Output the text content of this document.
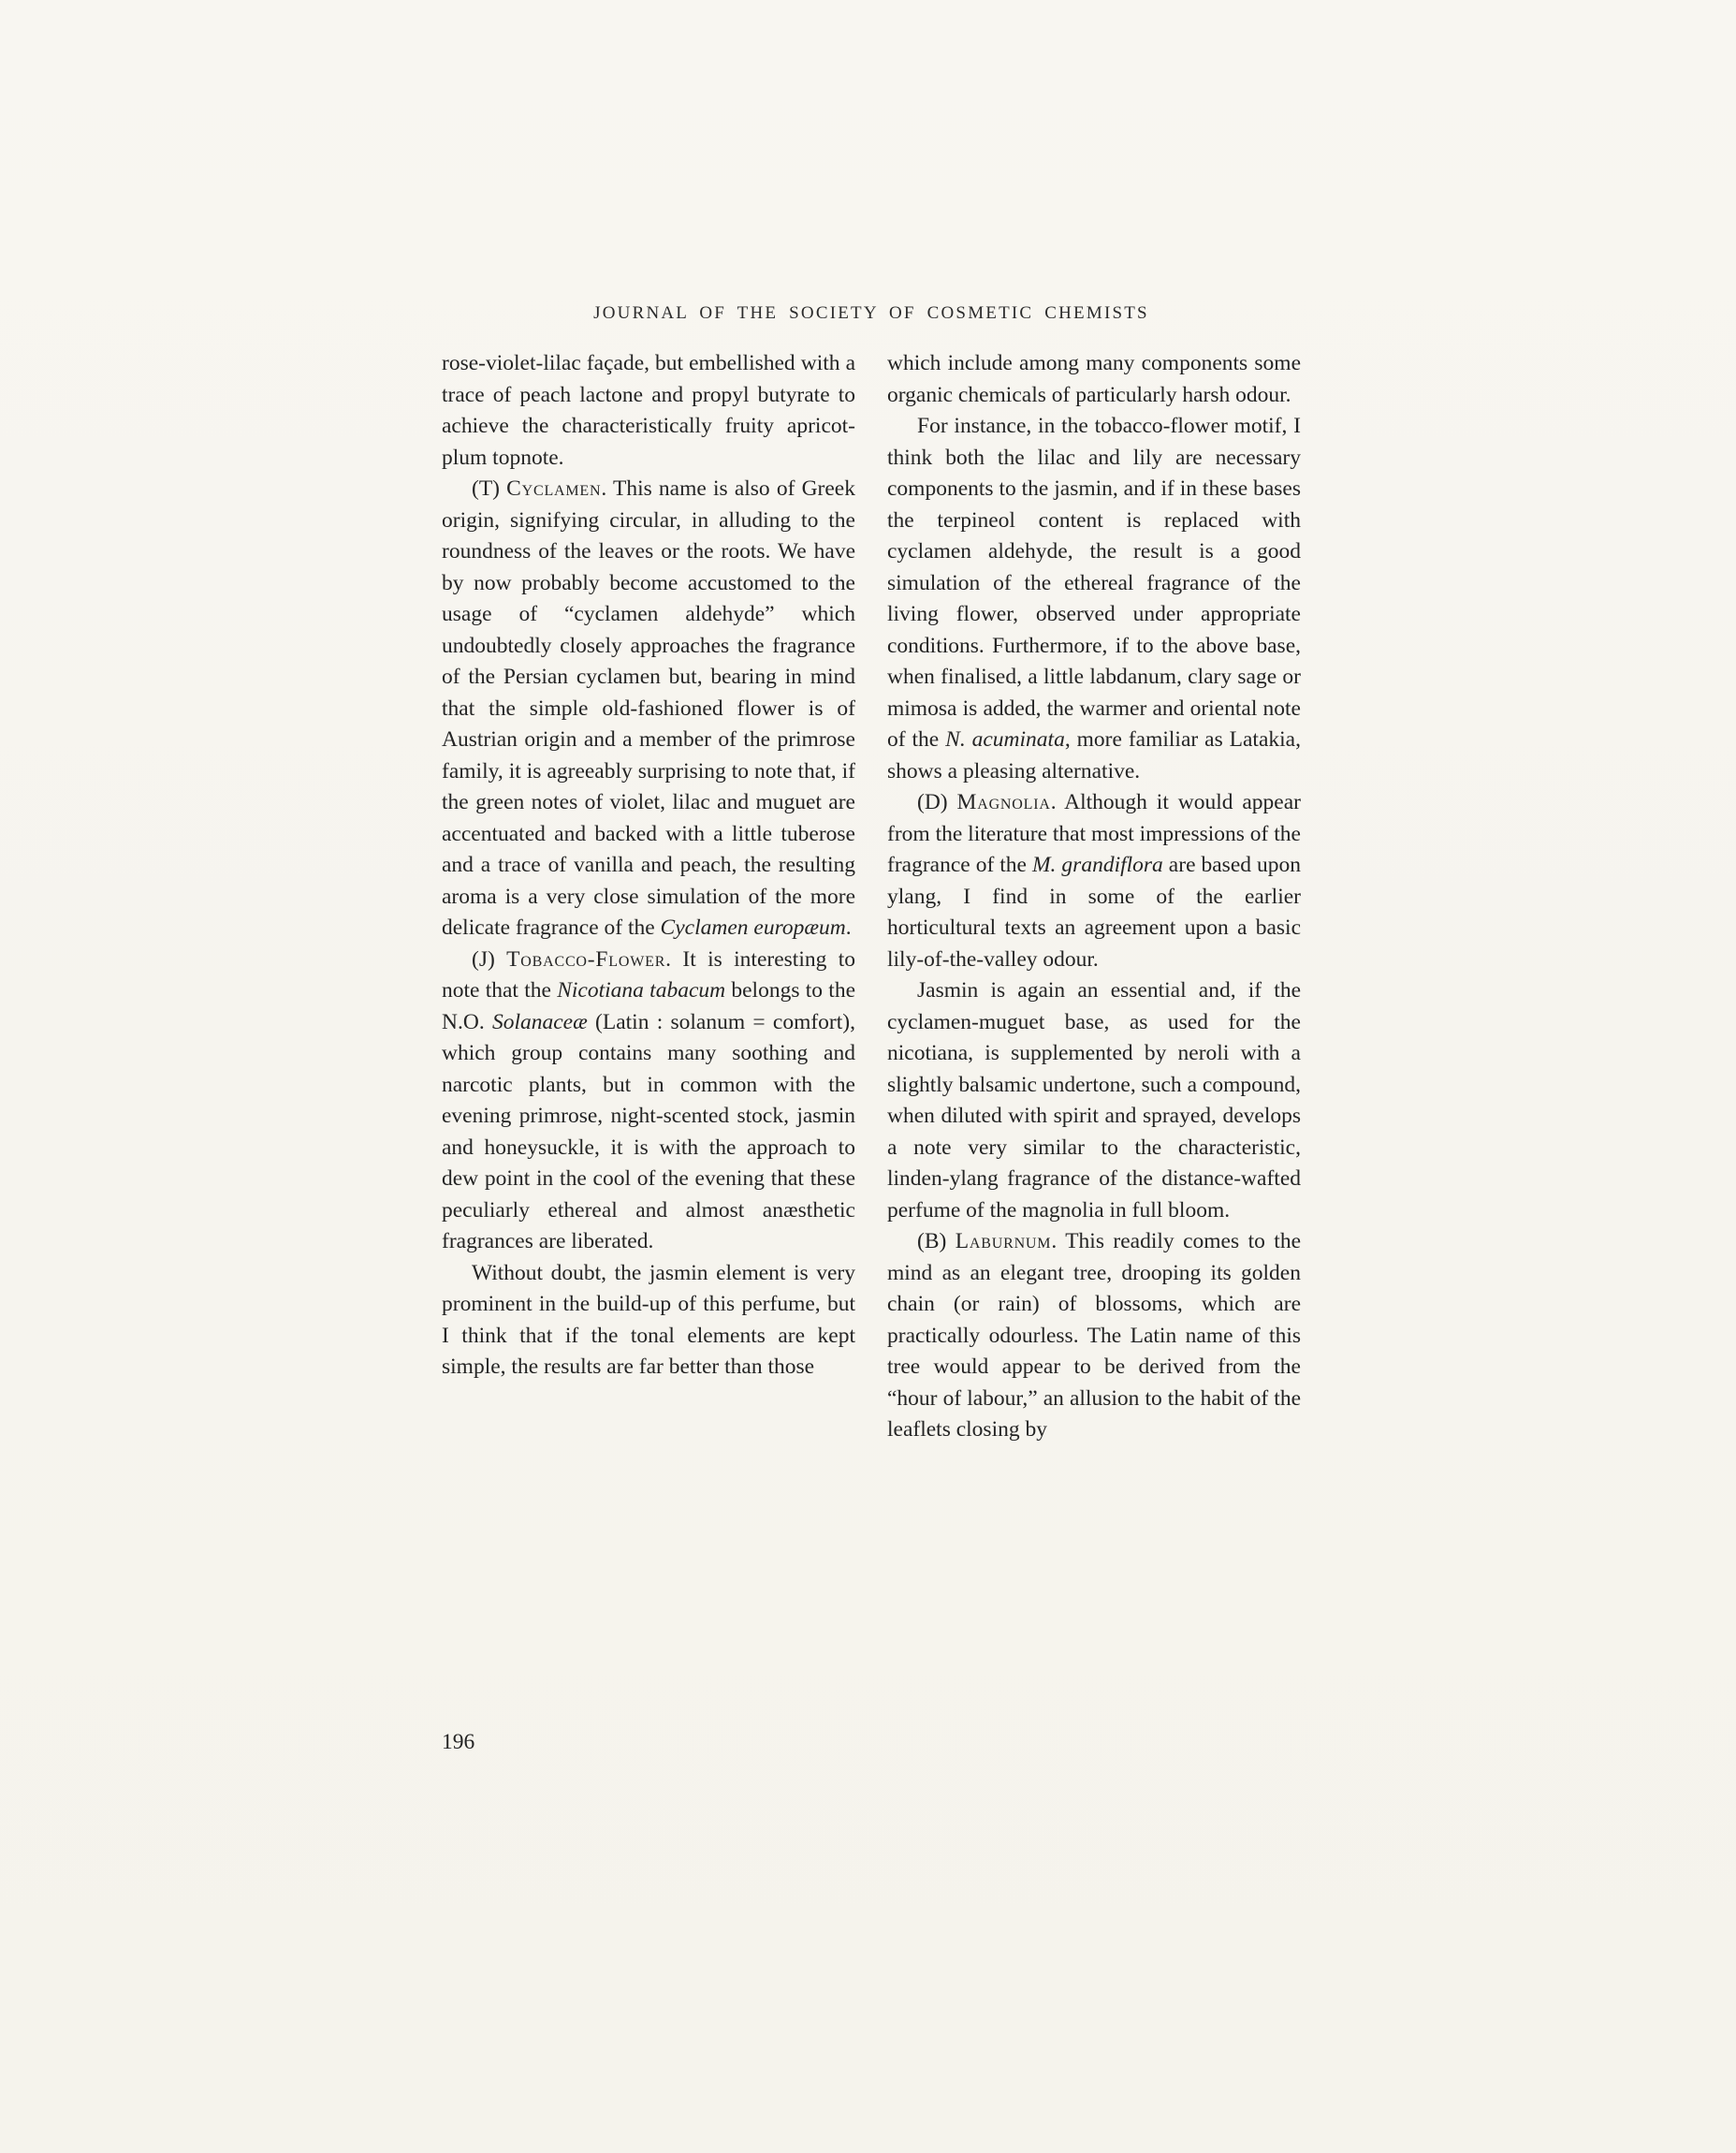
JOURNAL OF THE SOCIETY OF COSMETIC CHEMISTS

rose-violet-lilac façade, but embellished with a trace of peach lactone and propyl butyrate to achieve the characteristically fruity apricot-plum topnote.

(T) Cyclamen. This name is also of Greek origin, signifying circular, in alluding to the roundness of the leaves or the roots. We have by now probably become accustomed to the usage of “cyclamen aldehyde” which undoubtedly closely approaches the fragrance of the Persian cyclamen but, bearing in mind that the simple old-fashioned flower is of Austrian origin and a member of the primrose family, it is agreeably surprising to note that, if the green notes of violet, lilac and muguet are accentuated and backed with a little tuberose and a trace of vanilla and peach, the resulting aroma is a very close simulation of the more delicate fragrance of the Cyclamen europæum.

(J) Tobacco-Flower. It is interesting to note that the Nicotiana tabacum belongs to the N.O. Solanaceæ (Latin : solanum = comfort), which group contains many soothing and narcotic plants, but in common with the evening primrose, night-scented stock, jasmin and honeysuckle, it is with the approach to dew point in the cool of the evening that these peculiarly ethereal and almost anæsthetic fragrances are liberated.

Without doubt, the jasmin element is very prominent in the build-up of this perfume, but I think that if the tonal elements are kept simple, the results are far better than those

which include among many components some organic chemicals of particularly harsh odour.

For instance, in the tobacco-flower motif, I think both the lilac and lily are necessary components to the jasmin, and if in these bases the terpineol content is replaced with cyclamen aldehyde, the result is a good simulation of the ethereal fragrance of the living flower, observed under appropriate conditions. Furthermore, if to the above base, when finalised, a little labdanum, clary sage or mimosa is added, the warmer and oriental note of the N. acuminata, more familiar as Latakia, shows a pleasing alternative.

(D) Magnolia. Although it would appear from the literature that most impressions of the fragrance of the M. grandiflora are based upon ylang, I find in some of the earlier horticultural texts an agreement upon a basic lily-of-the-valley odour.

Jasmin is again an essential and, if the cyclamen-muguet base, as used for the nicotiana, is supplemented by neroli with a slightly balsamic undertone, such a compound, when diluted with spirit and sprayed, develops a note very similar to the characteristic, linden-ylang fragrance of the distance-wafted perfume of the magnolia in full bloom.

(B) Laburnum. This readily comes to the mind as an elegant tree, drooping its golden chain (or rain) of blossoms, which are practically odourless. The Latin name of this tree would appear to be derived from the “hour of labour,” an allusion to the habit of the leaflets closing by

196
